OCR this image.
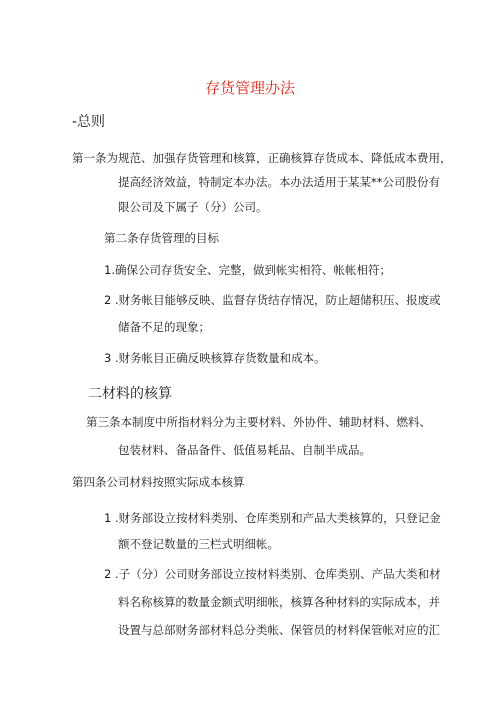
存货管理办法
-总则
第一条为规范、加强存货管理和核算，正确核算存货成本、降低成本费用，
提高经济效益，特制定本办法。本办法适用于某某**公司股份有
限公司及下属子（分）公司。
第二条存货管理的目标
1.确保公司存货安全、完整，做到帐实相符、帐帐相符；
2 .财务帐目能够反映、监督存货结存情况，防止超储积压、报废或
储备不足的现象；
3 .财务帐目正确反映核算存货数量和成本。
二材料的核算
第三条本制度中所指材料分为主要材料、外协件、辅助材料、燃料、
包装材料、备品备件、低值易耗品、自制半成品。
第四条公司材料按照实际成本核算
1 .财务部设立按材料类别、仓库类别和产品大类核算的，只登记金
额不登记数量的三栏式明细帐。
2 .子（分）公司财务部设立按材料类别、仓库类别、产品大类和材
料名称核算的数量金额式明细帐，核算各种材料的实际成本，并
设置与总部财务部材料总分类帐、保管员的材料保管帐对应的汇
